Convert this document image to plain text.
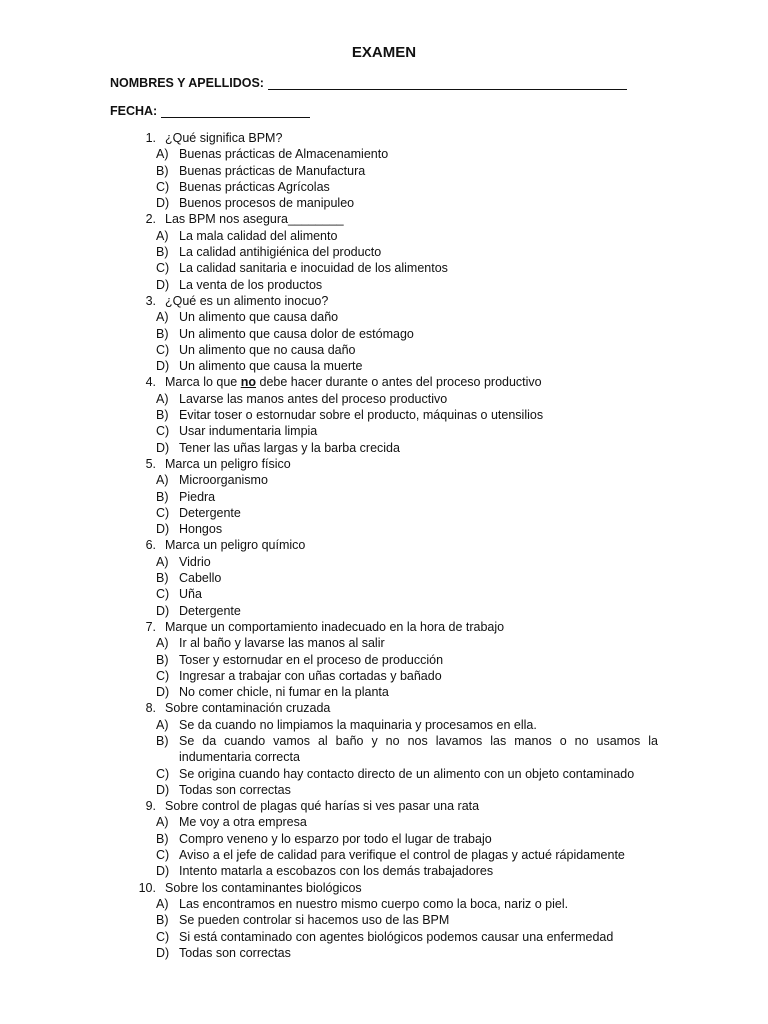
EXAMEN
NOMBRES Y APELLIDOS:
FECHA:
1. ¿Qué significa BPM?
A) Buenas prácticas de Almacenamiento
B) Buenas prácticas de Manufactura
C) Buenas prácticas Agrícolas
D) Buenos procesos de manipuleo
2. Las BPM nos asegura________
A) La mala calidad del alimento
B) La calidad antihigiénica del producto
C) La calidad sanitaria e inocuidad de los alimentos
D) La venta de los productos
3. ¿Qué es un alimento inocuo?
A) Un alimento que causa daño
B) Un alimento que causa dolor de estómago
C) Un alimento que no causa daño
D) Un alimento que causa la muerte
4. Marca lo que no debe hacer durante o antes del proceso productivo
A) Lavarse las manos antes del proceso productivo
B) Evitar toser o estornudar sobre el producto, máquinas o utensilios
C) Usar indumentaria limpia
D) Tener las uñas largas y la barba crecida
5. Marca un peligro físico
A) Microorganismo
B) Piedra
C) Detergente
D) Hongos
6. Marca un peligro químico
A) Vidrio
B) Cabello
C) Uña
D) Detergente
7. Marque un comportamiento inadecuado en la hora de trabajo
A) Ir al baño y lavarse las manos al salir
B) Toser y estornudar en el proceso de producción
C) Ingresar a trabajar con uñas cortadas y bañado
D) No comer chicle, ni fumar en la planta
8. Sobre contaminación cruzada
A) Se da cuando no limpiamos la maquinaria y procesamos en ella.
B) Se da cuando vamos al baño y no nos lavamos las manos o no usamos la indumentaria correcta
C) Se origina cuando hay contacto directo de un alimento con un objeto contaminado
D) Todas son correctas
9. Sobre control de plagas qué harías si ves pasar una rata
A) Me voy a otra empresa
B) Compro veneno y lo esparzo por todo el lugar de trabajo
C) Aviso a el jefe de calidad para verifique el control de plagas y actué rápidamente
D) Intento matarla a escobazos con los demás trabajadores
10. Sobre los contaminantes biológicos
A) Las encontramos en nuestro mismo cuerpo como la boca, nariz o piel.
B) Se pueden controlar si hacemos uso de las BPM
C) Si está contaminado con agentes biológicos podemos causar una enfermedad
D) Todas son correctas
